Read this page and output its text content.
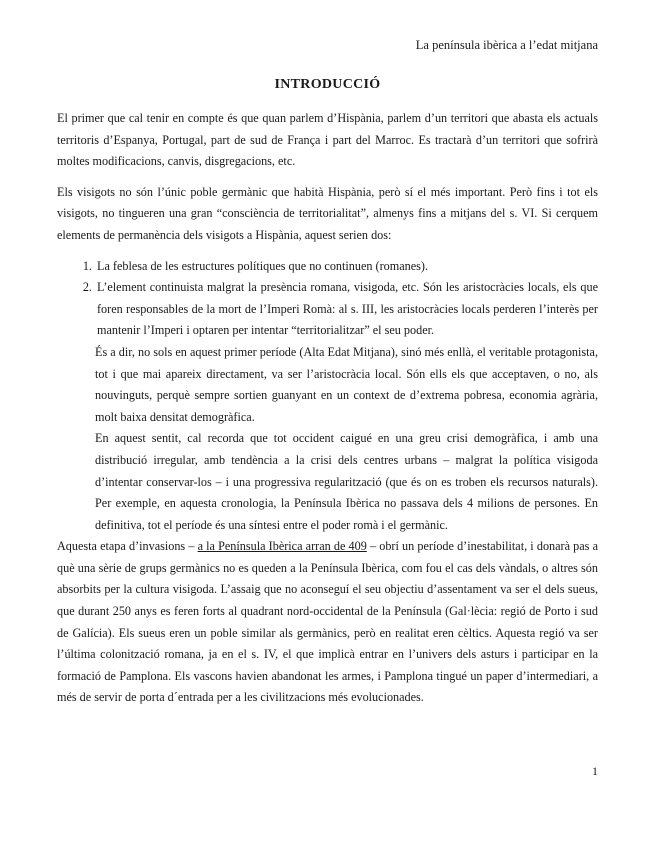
La península ibèrica a l’edat mitjana
INTRODUCCIÓ

El primer que cal tenir en compte és que quan parlem d’Hispània, parlem d’un territori que abasta els actuals territoris d’Espanya, Portugal, part de sud de França i part del Marroc. Es tractarà d’un territori que sofrirà moltes modificacions, canvis, disgregacions, etc.

Els visigots no són l’únic poble germànic que habità Hispània, però sí el més important. Però fins i tot els visigots, no tingueren una gran “consciència de territorialitat”, almenys fins a mitjans del s. VI. Si cerquem elements de permanència dels visigots a Hispània, aquest serien dos:

1. La feblesa de les estructures polítiques que no continuen (romanes).
2. L’element continuista malgrat la presència romana, visigoda, etc. Són les aristocràcies locals, els que foren responsables de la mort de l’Imperi Romà: al s. III, les aristocràcies locals perderen l’interès per mantenir l’Imperi i optaren per intentar “territorialitzar” el seu poder.

És a dir, no sols en aquest primer període (Alta Edat Mitjana), sinó més enllà, el veritable protagonista, tot i que mai apareix directament, va ser l’aristocràcia local. Són ells els que acceptaven, o no, als nouvinguts, perquè sempre sortien guanyant en un context de d’extrema pobresa, economia agrària, molt baixa densitat demogràfica.

En aquest sentit, cal recorda que tot occident caigué en una greu crisi demogràfica, i amb una distribució irregular, amb tendència a la crisi dels centres urbans – malgrat la política visigoda d’intentar conservar-los – i una progressiva regularització (que és on es troben els recursos naturals). Per exemple, en aquesta cronologia, la Península Ibèrica no passava dels 4 milions de persones. En definitiva, tot el període és una síntesi entre el poder romà i el germànic.

Aquesta etapa d’invasions – a la Península Ibèrica arran de 409 – obrí un període d’inestabilitat, i donarà pas a què una sèrie de grups germànics no es queden a la Península Ibèrica, com fou el cas dels vàndals, o altres són absorbits per la cultura visigoda. L’assaig que no aconseguí el seu objectiu d’assentament va ser el dels sueus, que durant 250 anys es feren forts al quadrant nord-occidental de la Península (Gal·lècia: regió de Porto i sud de Galícia). Els sueus eren un poble similar als germànics, però en realitat eren cèltics. Aquesta regió va ser l’última colonització romana, ja en el s. IV, el que implicà entrar en l’univers dels asturs i participar en la formació de Pamplona. Els vascons havien abandonat les armes, i Pamplona tingué un paper d’intermediari, a més de servir de porta d´entrada per a les civilitzacions més evolucionades.

1
